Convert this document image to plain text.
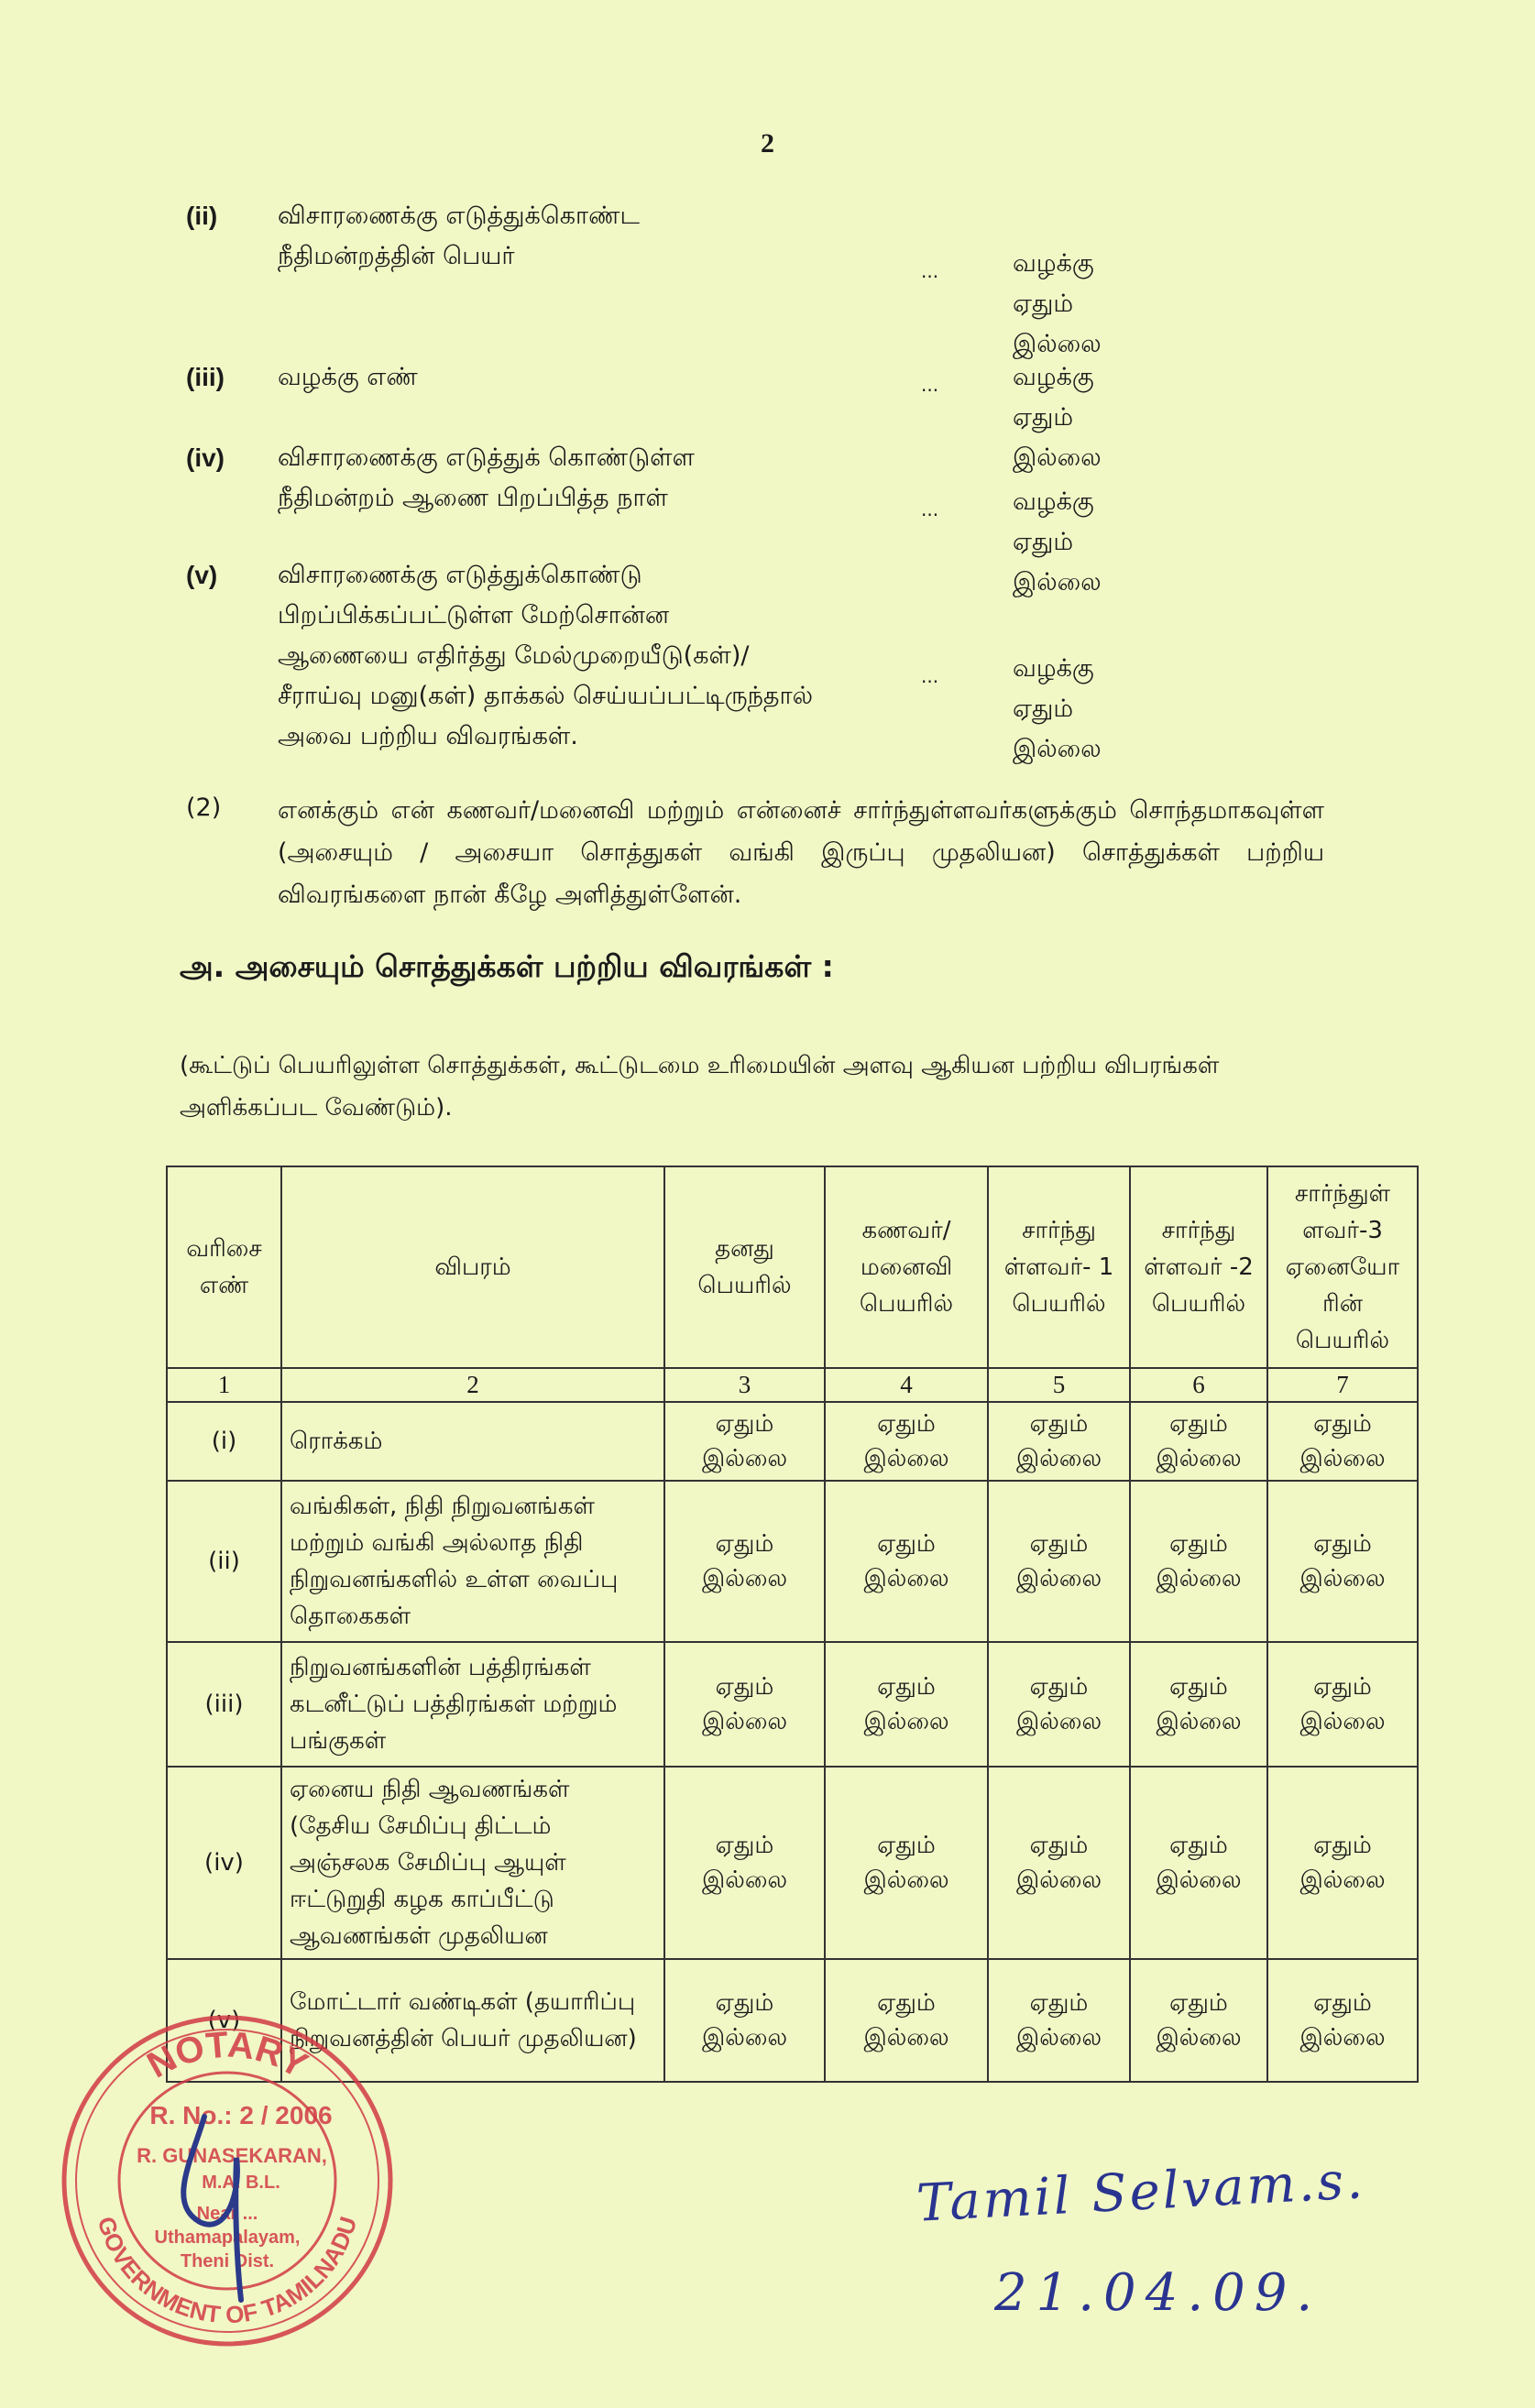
2
(ii) விசாரணைக்கு எடுத்துக்கொண்ட
நீதிமன்றத்தின் பெயர்
...	வழக்கு ஏதும் இல்லை
(iii) வழக்கு எண்	...	வழக்கு ஏதும் இல்லை
(iv) விசாரணைக்கு எடுத்துக் கொண்டுள்ள
நீதிமன்றம் ஆணை பிறப்பித்த நாள்	...	வழக்கு ஏதும் இல்லை
(v) விசாரணைக்கு எடுத்துக்கொண்டு
பிறப்பிக்கப்பட்டுள்ள மேற்சொன்ன
ஆணையை எதிர்த்து மேல்முறையீடு(கள்)/
சீராய்வு மனு(கள்) தாக்கல் செய்யப்பட்டிருந்தால்
அவை பற்றிய விவரங்கள்.
...	வழக்கு ஏதும் இல்லை
(2) எனக்கும் என் கணவர்/மனைவி மற்றும் என்னைச் சார்ந்துள்ளவர்களுக்கும் சொந்தமாகவுள்ள (அசையும் / அசையா சொத்துகள் வங்கி இருப்பு முதலியன) சொத்துக்கள் பற்றிய விவரங்களை நான் கீழே அளித்துள்ளேன்.
அ. அசையும் சொத்துக்கள் பற்றிய விவரங்கள் :
(கூட்டுப் பெயரிலுள்ள சொத்துக்கள், கூட்டுடமை உரிமையின் அளவு ஆகியன பற்றிய விபரங்கள் அளிக்கப்பட வேண்டும்).
வரிசை எண்	விபரம்	தனது பெயரில்	கணவர்/ மனைவி பெயரில்	சார்ந்து ள்ளவர்- 1 பெயரில்	சார்ந்து ள்ளவர் -2 பெயரில்	சார்ந்துள் ளவர்-3 ஏனையோ ரின் பெயரில்
1	2	3	4	5	6	7
(i)	ரொக்கம்	ஏதும் இல்லை	ஏதும் இல்லை	ஏதும் இல்லை	ஏதும் இல்லை	ஏதும் இல்லை
(ii)	வங்கிகள், நிதி நிறுவனங்கள் மற்றும் வங்கி அல்லாத நிதி நிறுவனங்களில் உள்ள வைப்பு தொகைகள்	ஏதும் இல்லை	ஏதும் இல்லை	ஏதும் இல்லை	ஏதும் இல்லை	ஏதும் இல்லை
(iii)	நிறுவனங்களின் பத்திரங்கள் கடனீட்டுப் பத்திரங்கள் மற்றும் பங்குகள்	ஏதும் இல்லை	ஏதும் இல்லை	ஏதும் இல்லை	ஏதும் இல்லை	ஏதும் இல்லை
(iv)	ஏனைய நிதி ஆவணங்கள் (தேசிய சேமிப்பு திட்டம் அஞ்சலக சேமிப்பு ஆயுள் ஈட்டுறுதி கழக காப்பீட்டு ஆவணங்கள் முதலியன	ஏதும் இல்லை	ஏதும் இல்லை	ஏதும் இல்லை	ஏதும் இல்லை	ஏதும் இல்லை
(v)	மோட்டார் வண்டிகள் (தயாரிப்பு நிறுவனத்தின் பெயர் முதலியன)	ஏதும் இல்லை	ஏதும் இல்லை	ஏதும் இல்லை	ஏதும் இல்லை	ஏதும் இல்லை
NOTARY
GOVERNMENT OF TAMILNADU
R. No.: 2 / 2006
R. GUNASEKARAN,
M.A. B.L.
Near ...
Uthamapalayam,
Theni Dist.
Tamil Selvam.s.
21.04.09.
